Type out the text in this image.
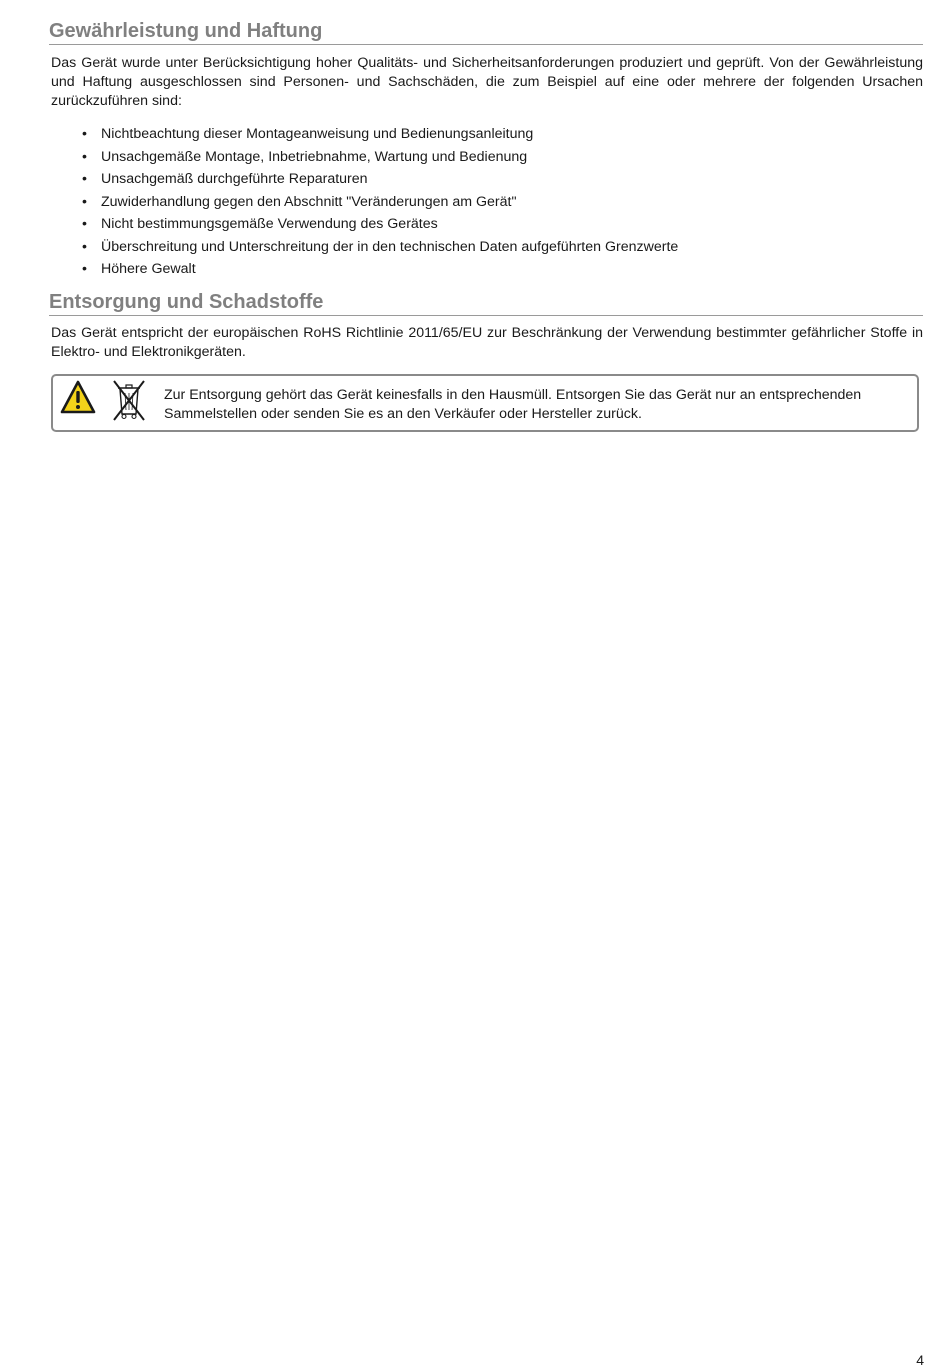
Gewährleistung und Haftung

Das Gerät wurde unter Berücksichtigung hoher Qualitäts- und Sicherheitsanforderungen produziert und geprüft. Von der Gewährleistung und Haftung ausgeschlossen sind Personen- und Sachschäden, die zum Beispiel auf eine oder mehrere der folgenden Ursachen zurückzuführen sind:

• Nichtbeachtung dieser Montageanweisung und Bedienungsanleitung
• Unsachgemäße Montage, Inbetriebnahme, Wartung und Bedienung
• Unsachgemäß durchgeführte Reparaturen
• Zuwiderhandlung gegen den Abschnitt "Veränderungen am Gerät"
• Nicht bestimmungsgemäße Verwendung des Gerätes
• Überschreitung und Unterschreitung der in den technischen Daten aufgeführten Grenzwerte
• Höhere Gewalt
Entsorgung und Schadstoffe

Das Gerät entspricht der europäischen RoHS Richtlinie 2011/65/EU zur Beschränkung der Verwendung bestimmter gefährlicher Stoffe in Elektro- und Elektronikgeräten.

Zur Entsorgung gehört das Gerät keinesfalls in den Hausmüll. Entsorgen Sie das Gerät nur an entsprechenden Sammelstellen oder senden Sie es an den Verkäufer oder Hersteller zurück.

4
